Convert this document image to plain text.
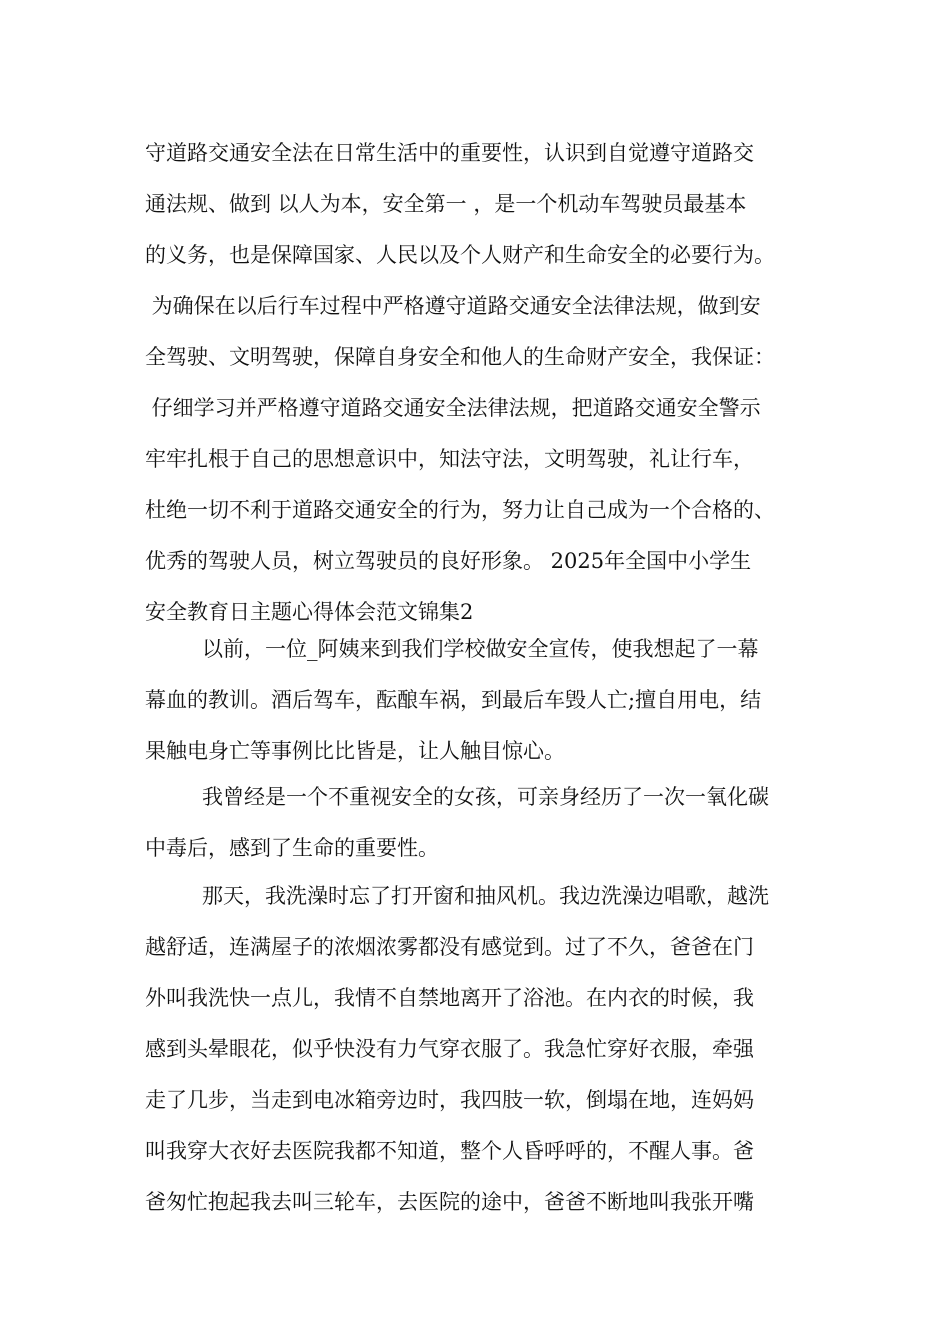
守道路交通安全法在日常生活中的重要性，认识到自觉遵守道路交
通法规、做到 以人为本，安全第一 ，是一个机动车驾驶员最基本
的义务，也是保障国家、人民以及个人财产和生命安全的必要行为。
为确保在以后行车过程中严格遵守道路交通安全法律法规，做到安
全驾驶、文明驾驶，保障自身安全和他人的生命财产安全，我保证：
仔细学习并严格遵守道路交通安全法律法规，把道路交通安全警示
牢牢扎根于自己的思想意识中，知法守法，文明驾驶，礼让行车，
杜绝一切不利于道路交通安全的行为，努力让自己成为一个合格的、
优秀的驾驶人员，树立驾驶员的良好形象。 2025年全国中小学生
安全教育日主题心得体会范文锦集2
以前，一位_阿姨来到我们学校做安全宣传，使我想起了一幕
幕血的教训。酒后驾车，酝酿车祸，到最后车毁人亡;擅自用电，结
果触电身亡等事例比比皆是，让人触目惊心。
我曾经是一个不重视安全的女孩，可亲身经历了一次一氧化碳
中毒后，感到了生命的重要性。
那天，我洗澡时忘了打开窗和抽风机。我边洗澡边唱歌，越洗
越舒适，连满屋子的浓烟浓雾都没有感觉到。过了不久，爸爸在门
外叫我洗快一点儿，我情不自禁地离开了浴池。在内衣的时候，我
感到头晕眼花，似乎快没有力气穿衣服了。我急忙穿好衣服，牵强
走了几步，当走到电冰箱旁边时，我四肢一软，倒塌在地，连妈妈
叫我穿大衣好去医院我都不知道，整个人昏呼呼的，不醒人事。爸
爸匆忙抱起我去叫三轮车，去医院的途中，爸爸不断地叫我张开嘴
